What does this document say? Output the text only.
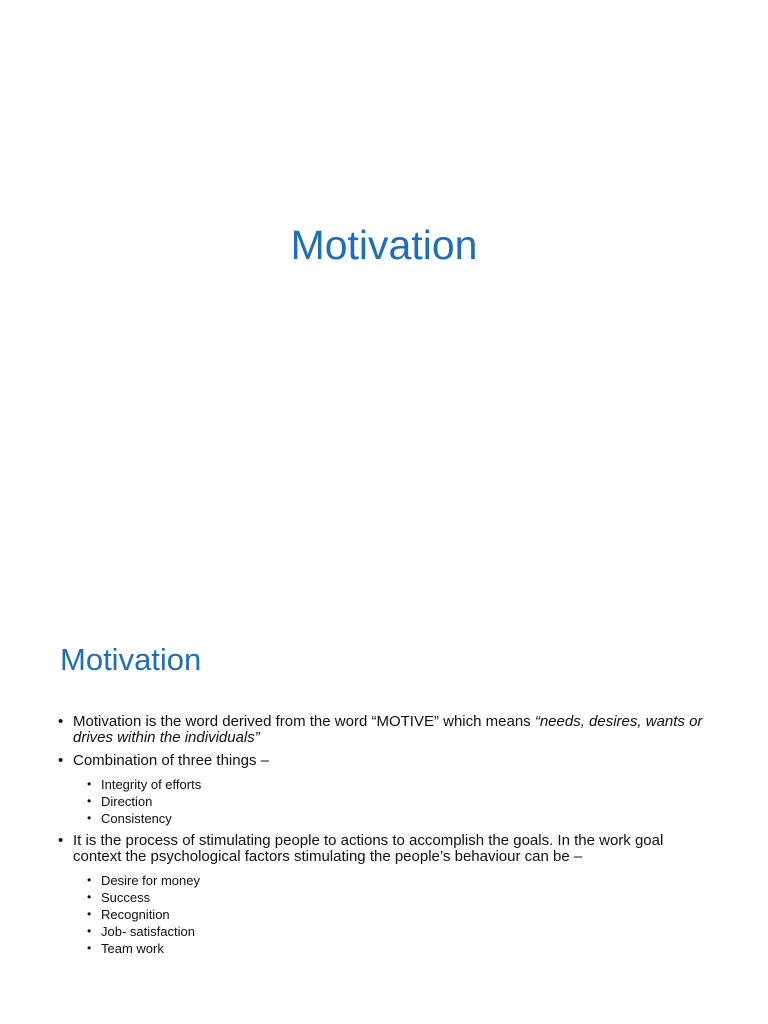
Motivation
Motivation
• Motivation is the word derived from the word “MOTIVE” which means “needs, desires, wants or drives within the individuals”
• Combination of three things –
• Integrity of efforts
• Direction
• Consistency
• It is the process of stimulating people to actions to accomplish the goals. In the work goal context the psychological factors stimulating the people’s behaviour can be –
• Desire for money
• Success
• Recognition
• Job- satisfaction
• Team work
